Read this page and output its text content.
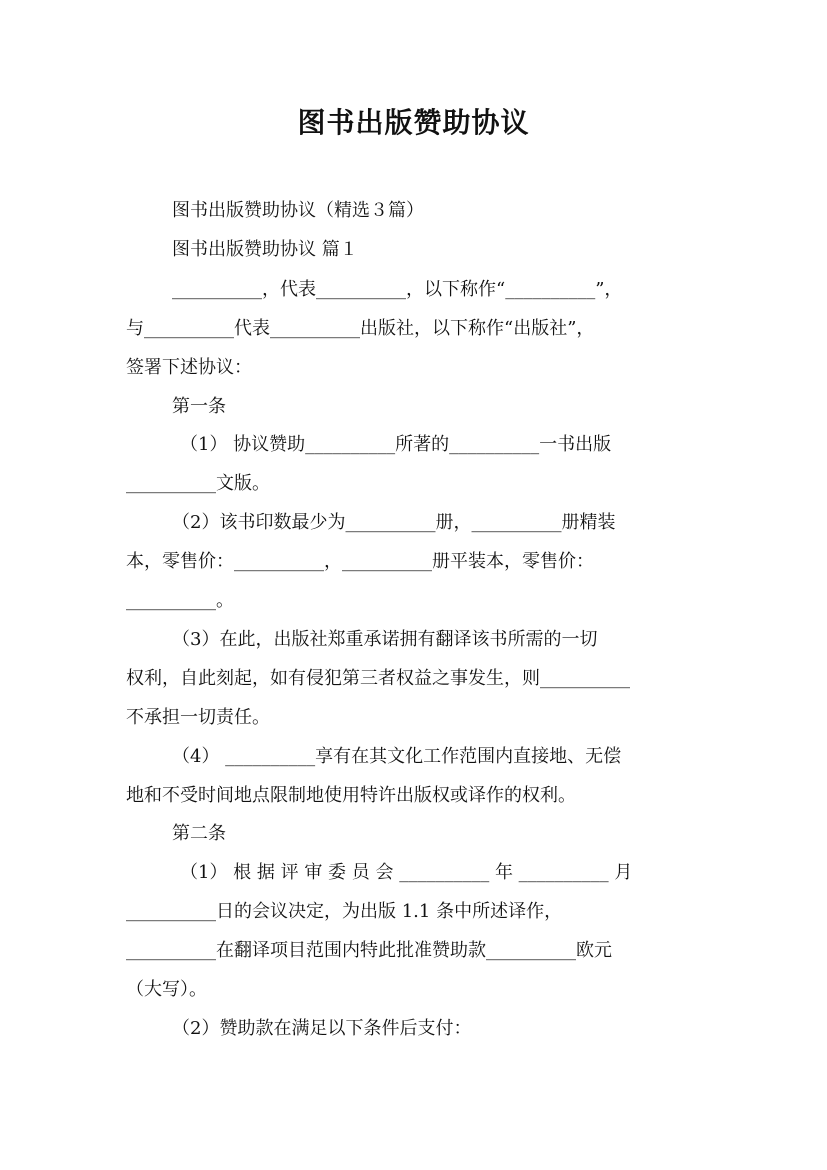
图书出版赞助协议
图书出版赞助协议（精选３篇）
图书出版赞助协议 篇１
__________，代表__________，以下称作“__________”，
与__________代表__________出版社，以下称作“出版社”，
签署下述协议：
第一条
（1） 协议赞助__________所著的__________一书出版
__________文版。
（2）该书印数最少为__________册，__________册精装
本，零售价：__________，__________册平装本，零售价：
__________。
（3）在此，出版社郑重承诺拥有翻译该书所需的一切
权利，自此刻起，如有侵犯第三者权益之事发生，则__________
不承担一切责任。
（4） __________享有在其文化工作范围内直接地、无偿
地和不受时间地点限制地使用特许出版权或译作的权利。
第二条
（1） 根 据 评 审 委 员 会 __________ 年 __________ 月
__________日的会议决定，为出版 1.1 条中所述译作，
__________在翻译项目范围内特此批准赞助款__________欧元
（大写）。
（2）赞助款在满足以下条件后支付：
